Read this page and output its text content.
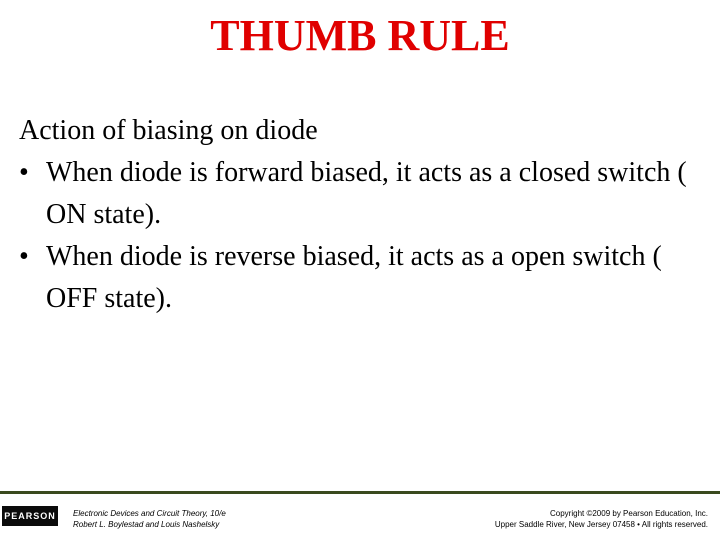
THUMB RULE

Action of biasing on diode

• When diode is forward biased, it acts as a closed switch ( ON state).
• When diode is reverse biased, it acts as a open switch ( OFF state).
PEARSON Electronic Devices and Circuit Theory, 10/e
Robert L. Boylestad and Louis Nashelsky
Copyright ©2009 by Pearson Education, Inc.
Upper Saddle River, New Jersey 07458 • All rights reserved.
